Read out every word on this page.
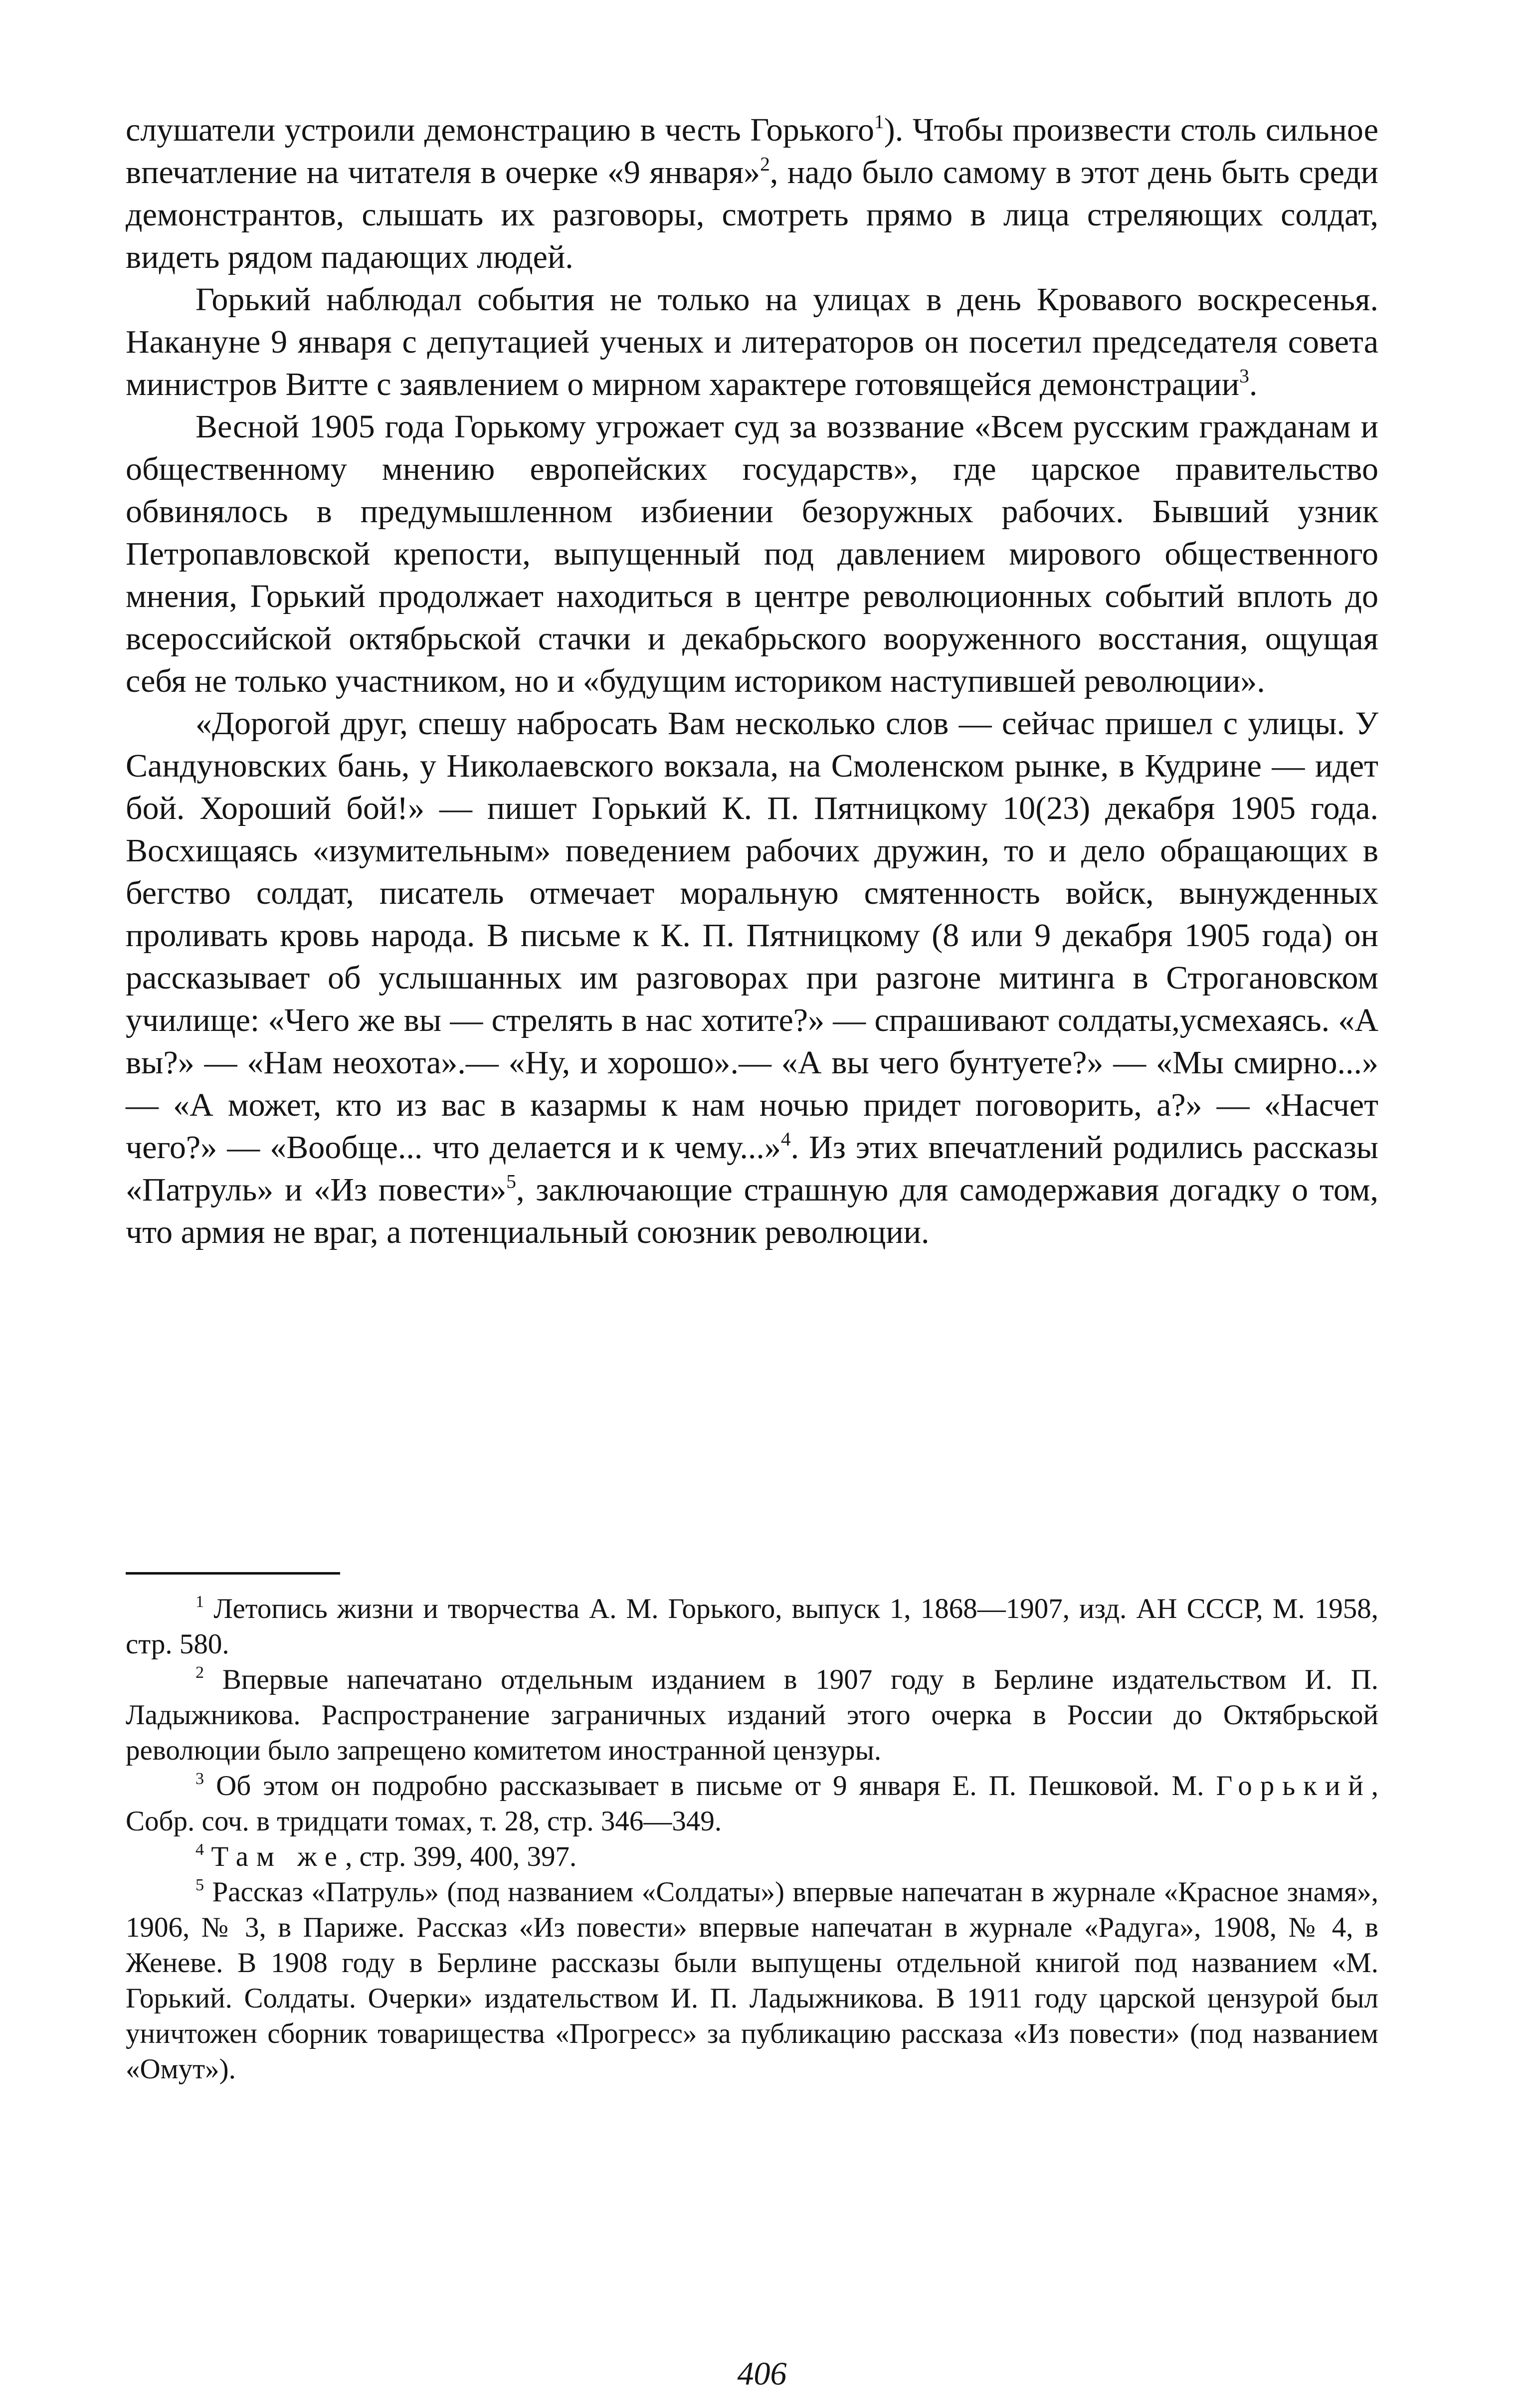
слушатели устроили демонстрацию в честь Горького$^1$). Чтобы произвести столь сильное впечатление на читателя в очерке «9 января»$^2$, надо было самому в этот день быть среди демонстрантов, слышать их разговоры, смотреть прямо в лица стреляющих солдат, видеть рядом падающих людей.

Горький наблюдал события не только на улицах в день Кровавого воскресенья. Накануне 9 января с депутацией ученых и литераторов он посетил председателя совета министров Витте с заявлением о мирном характере готовящейся демонстрации$^3$.

Весной 1905 года Горькому угрожает суд за воззвание «Всем русским гражданам и общественному мнению европейских государств», где царское правительство обвинялось в предумышленном избиении безоружных рабочих. Бывший узник Петропавловской крепости, выпущенный под давлением мирового общественного мнения, Горький продолжает находиться в центре революционных событий вплоть до всероссийской октябрьской стачки и декабрьского вооруженного восстания, ощущая себя не только участником, но и «будущим историком наступившей революции».

«Дорогой друг, спешу набросать Вам несколько слов — сейчас пришел с улицы. У Сандуновских бань, у Николаевского вокзала, на Смоленском рынке, в Кудрине — идет бой. Хороший бой!» — пишет Горький К. П. Пятницкому 10(23) декабря 1905 года. Восхищаясь «изумительным» поведением рабочих дружин, то и дело обращающих в бегство солдат, писатель отмечает моральную смятенность войск, вынужденных проливать кровь народа. В письме к К. П. Пятницкому (8 или 9 декабря 1905 года) он рассказывает об услышанных им разговорах при разгоне митинга в Строгановском училище: «Чего же вы — стрелять в нас хотите?» — спрашивают солдаты,усмехаясь. «А вы?» — «Нам неохота».— «Ну, и хорошо».— «А вы чего бунтуете?» — «Мы смирно...» — «А может, кто из вас в казармы к нам ночью придет поговорить, а?» — «Насчет чего?» — «Вообще... что делается и к чему...»$^4$. Из этих впечатлений родились рассказы «Патруль» и «Из повести»$^5$, заключающие страшную для самодержавия догадку о том, что армия не враг, а потенциальный союзник революции.

$^1$ Летопись жизни и творчества А. М. Горького, выпуск 1, 1868—1907, изд. АН СССР, М. 1958, стр. 580.

$^2$ Впервые напечатано отдельным изданием в 1907 году в Берлине издательством И. П. Ладыжникова. Распространение заграничных изданий этого очерка в России до Октябрьской революции было запрещено комитетом иностранной цензуры.

$^3$ Об этом он подробно рассказывает в письме от 9 января Е. П. Пешковой. М. Горький, Собр. соч. в тридцати томах, т. 28, стр. 346—349.

$^4$ Там же, стр. 399, 400, 397.

$^5$ Рассказ «Патруль» (под названием «Солдаты») впервые напечатан в журнале «Красное знамя», 1906, № 3, в Париже. Рассказ «Из повести» впервые напечатан в журнале «Радуга», 1908, № 4, в Женеве. В 1908 году в Берлине рассказы были выпущены отдельной книгой под названием «М. Горький. Солдаты. Очерки» издательством И. П. Ладыжникова. В 1911 году царской цензурой был уничтожен сборник товарищества «Прогресс» за публикацию рассказа «Из повести» (под названием «Омут»).

406
